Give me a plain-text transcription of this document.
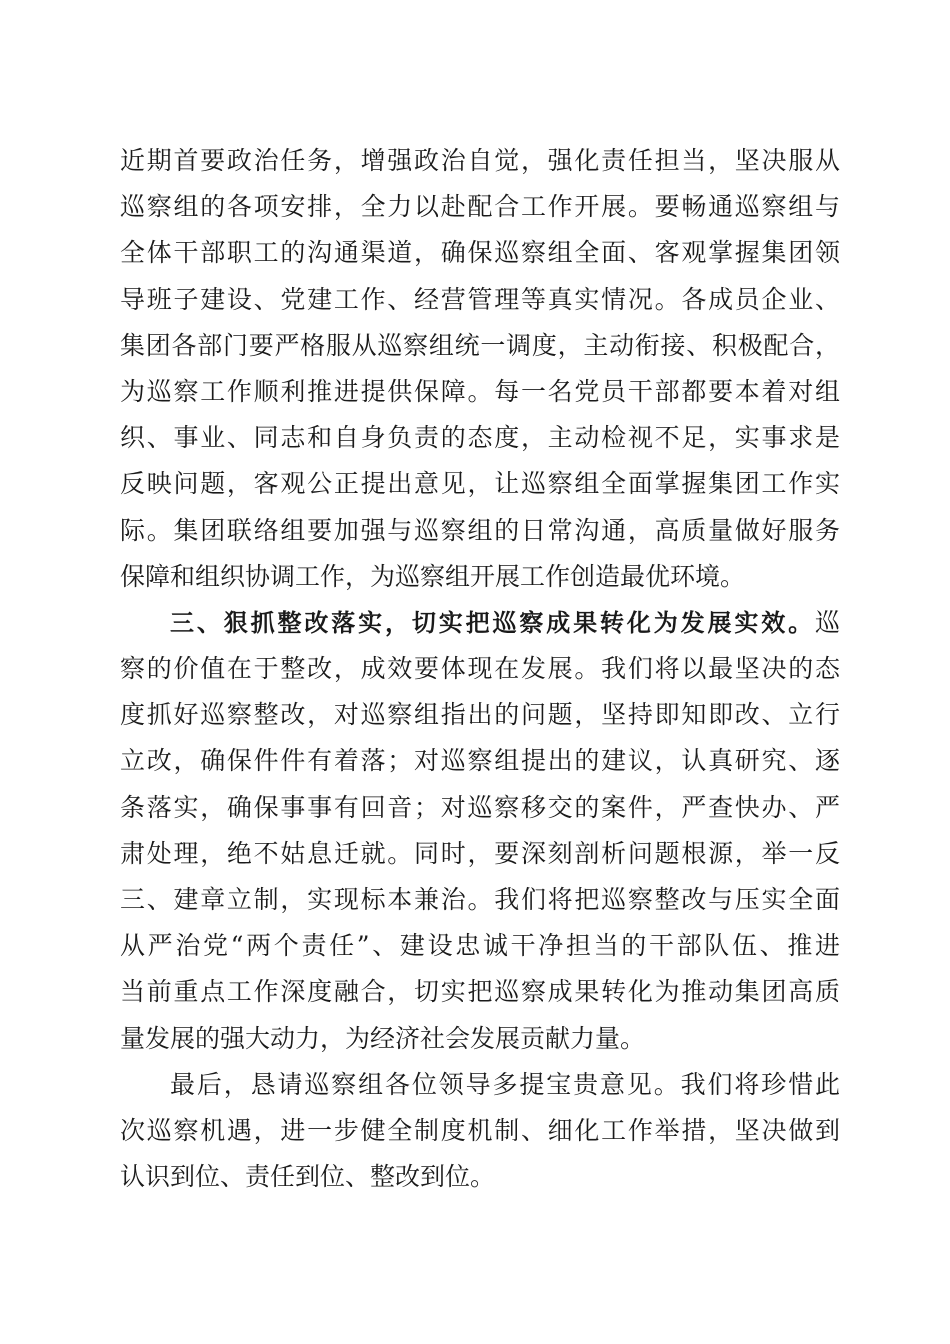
近期首要政治任务，增强政治自觉，强化责任担当，坚决服从
巡察组的各项安排，全力以赴配合工作开展。要畅通巡察组与
全体干部职工的沟通渠道，确保巡察组全面、客观掌握集团领
导班子建设、党建工作、经营管理等真实情况。各成员企业、
集团各部门要严格服从巡察组统一调度，主动衔接、积极配合，
为巡察工作顺利推进提供保障。每一名党员干部都要本着对组
织、事业、同志和自身负责的态度，主动检视不足，实事求是
反映问题，客观公正提出意见，让巡察组全面掌握集团工作实
际。集团联络组要加强与巡察组的日常沟通，高质量做好服务
保障和组织协调工作，为巡察组开展工作创造最优环境。
三、狠抓整改落实，切实把巡察成果转化为发展实效。巡
察的价值在于整改，成效要体现在发展。我们将以最坚决的态
度抓好巡察整改，对巡察组指出的问题，坚持即知即改、立行
立改，确保件件有着落；对巡察组提出的建议，认真研究、逐
条落实，确保事事有回音；对巡察移交的案件，严查快办、严
肃处理，绝不姑息迁就。同时，要深刻剖析问题根源，举一反
三、建章立制，实现标本兼治。我们将把巡察整改与压实全面
从严治党“两个责任”、建设忠诚干净担当的干部队伍、推进
当前重点工作深度融合，切实把巡察成果转化为推动集团高质
量发展的强大动力，为经济社会发展贡献力量。
最后，恳请巡察组各位领导多提宝贵意见。我们将珍惜此
次巡察机遇，进一步健全制度机制、细化工作举措，坚决做到
认识到位、责任到位、整改到位。
